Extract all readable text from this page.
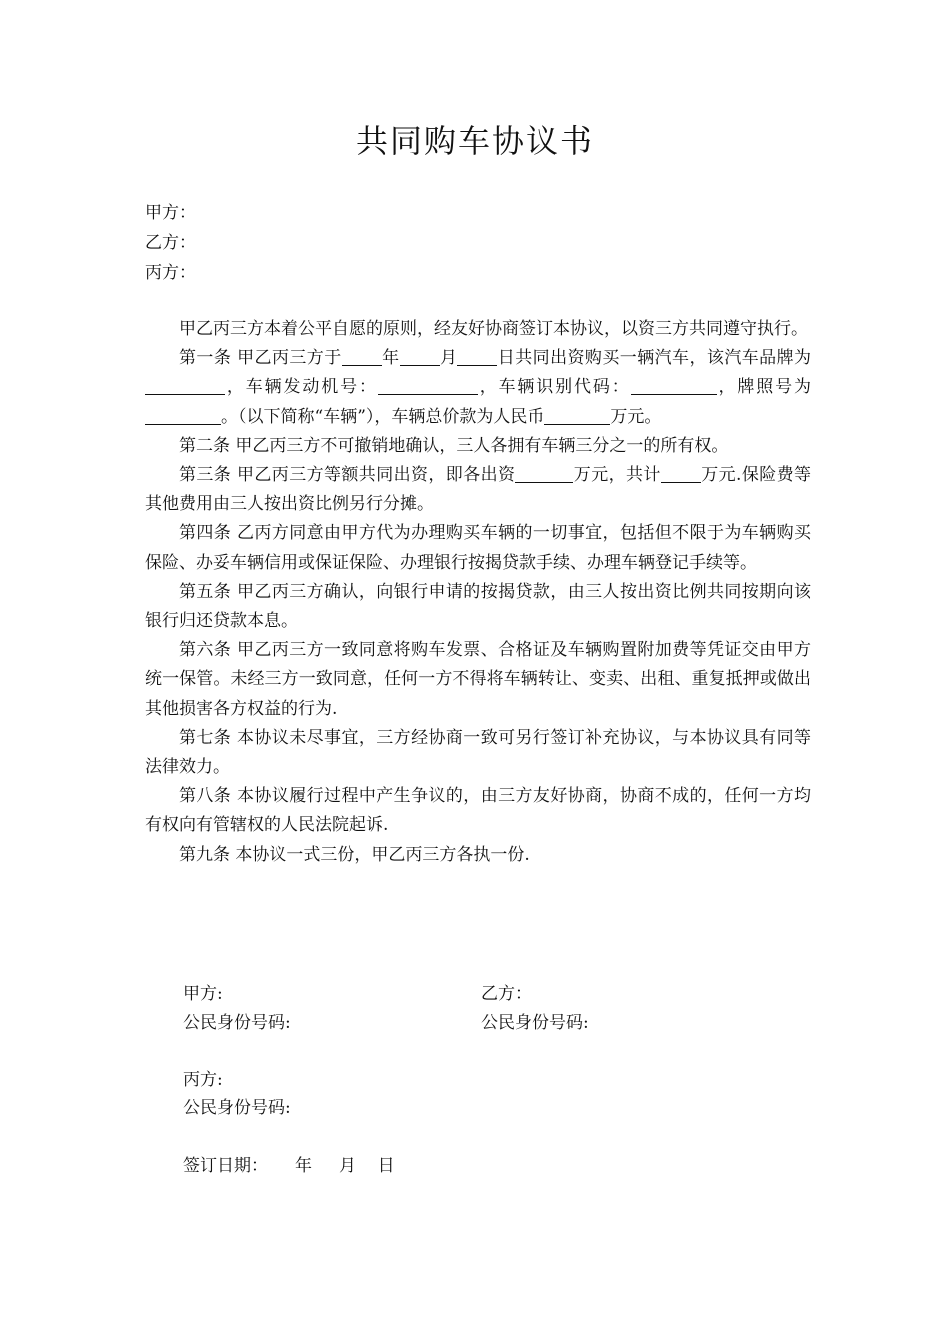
共同购车协议书
甲方：
乙方：
丙方：

甲乙丙三方本着公平自愿的原则，经友好协商签订本协议，以资三方共同遵守执行。

第一条 甲乙丙三方于 年 月 日共同出资购买一辆汽车，该汽车品牌为，车辆发动机号：	，车辆识别代码：	，牌照号为。（以下简称“车辆”），车辆总价款为人民币	万元。

第二条 甲乙丙三方不可撤销地确认，三人各拥有车辆三分之一的所有权。

第三条 甲乙丙三方等额共同出资，即各出资	万元，共计 万元.保险费等其他费用由三人按出资比例另行分摊。

第四条 乙丙方同意由甲方代为办理购买车辆的一切事宜，包括但不限于为车辆购买保险、办妥车辆信用或保证保险、办理银行按揭贷款手续、办理车辆登记手续等。

第五条 甲乙丙三方确认，向银行申请的按揭贷款，由三人按出资比例共同按期向该银行归还贷款本息。

第六条 甲乙丙三方一致同意将购车发票、合格证及车辆购置附加费等凭证交由甲方统一保管。未经三方一致同意，任何一方不得将车辆转让、变卖、出租、重复抵押或做出其他损害各方权益的行为.

第七条 本协议未尽事宜，三方经协商一致可另行签订补充协议，与本协议具有同等法律效力。

第八条 本协议履行过程中产生争议的，由三方友好协商，协商不成的，任何一方均有权向有管辖权的人民法院起诉.

第九条 本协议一式三份，甲乙丙三方各执一份.

甲方:
公民身份号码:
乙方：
公民身份号码:
丙方:
公民身份号码:
签订日期：     年     月    日
